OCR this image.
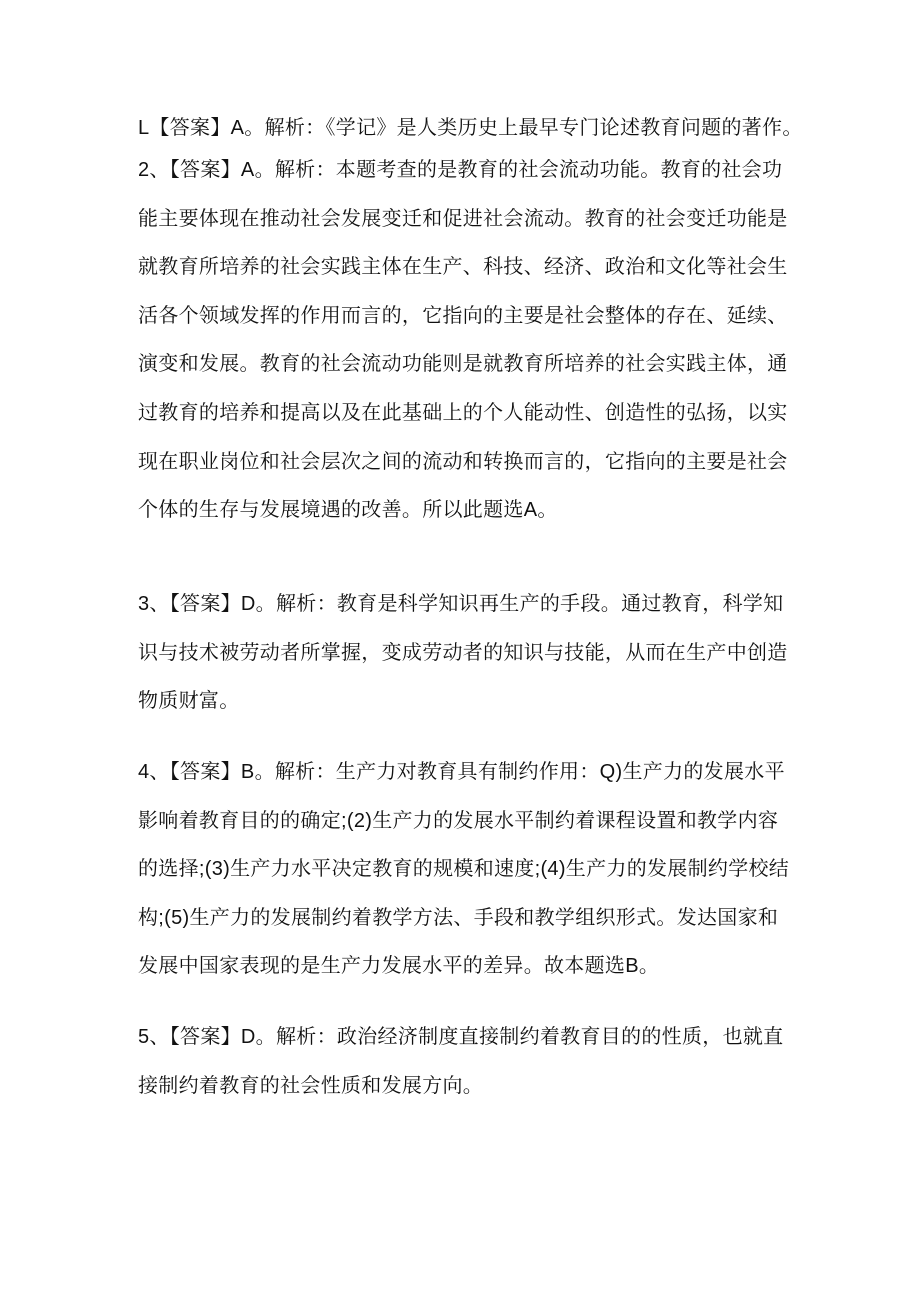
L【答案】A。解析：《学记》是人类历史上最早专门论述教育问题的著作。
2、【答案】A。解析：本题考查的是教育的社会流动功能。教育的社会功
能主要体现在推动社会发展变迁和促进社会流动。教育的社会变迁功能是
就教育所培养的社会实践主体在生产、科技、经济、政治和文化等社会生
活各个领域发挥的作用而言的，它指向的主要是社会整体的存在、延续、
演变和发展。教育的社会流动功能则是就教育所培养的社会实践主体，通
过教育的培养和提高以及在此基础上的个人能动性、创造性的弘扬，以实
现在职业岗位和社会层次之间的流动和转换而言的，它指向的主要是社会
个体的生存与发展境遇的改善。所以此题选A。
3、【答案】D。解析：教育是科学知识再生产的手段。通过教育，科学知
识与技术被劳动者所掌握，变成劳动者的知识与技能，从而在生产中创造
物质财富。
4、【答案】B。解析：生产力对教育具有制约作用：Q)生产力的发展水平
影响着教育目的的确定;(2)生产力的发展水平制约着课程设置和教学内容
的选择;(3)生产力水平决定教育的规模和速度;(4)生产力的发展制约学校结
构;(5)生产力的发展制约着教学方法、手段和教学组织形式。发达国家和
发展中国家表现的是生产力发展水平的差异。故本题选B。
5、【答案】D。解析：政治经济制度直接制约着教育目的的性质，也就直
接制约着教育的社会性质和发展方向。
